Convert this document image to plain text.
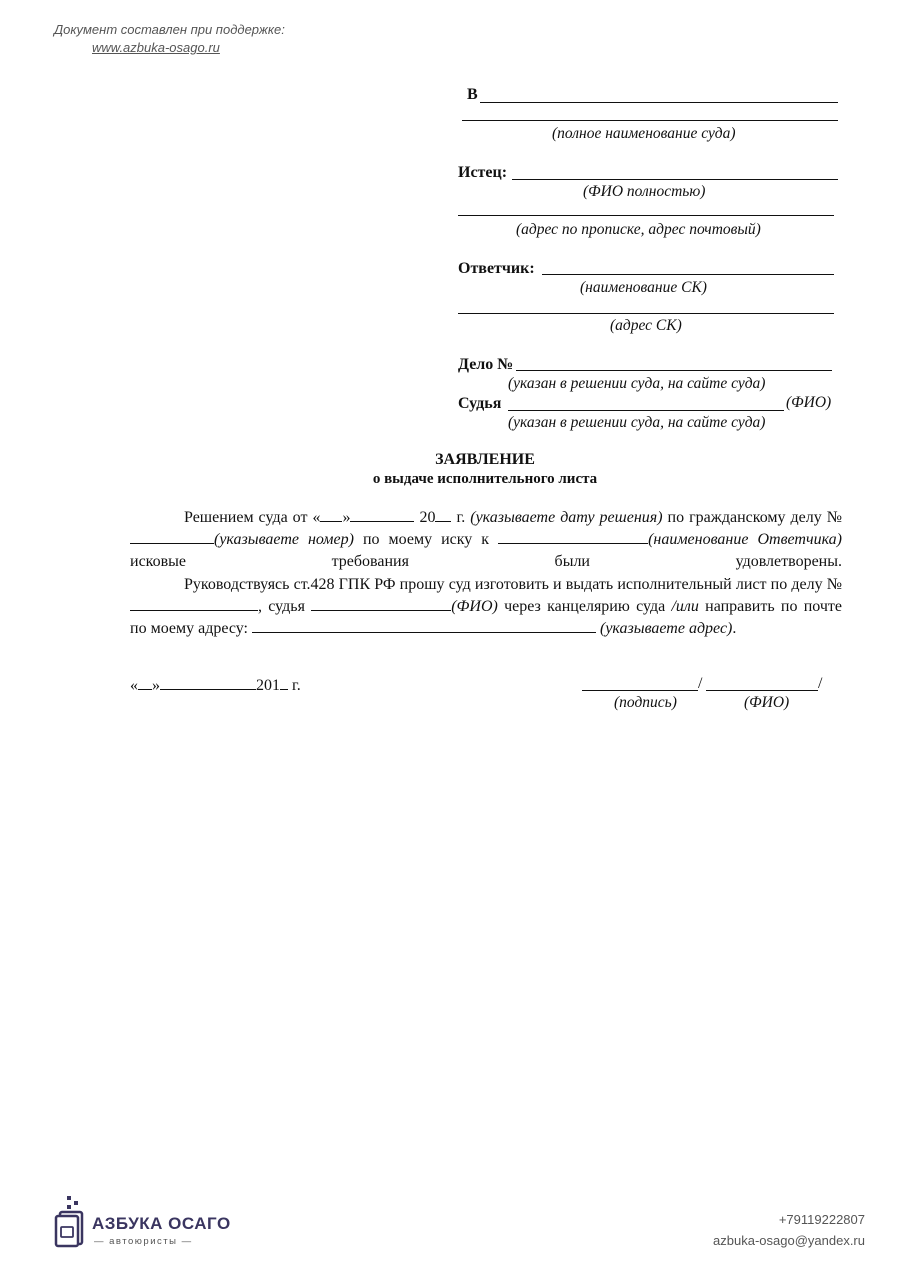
Документ составлен при поддержке:
www.azbuka-osago.ru
В
(полное наименование суда)
Истец:
(ФИО полностью)
(адрес по прописке, адрес почтовый)
Ответчик:
(наименование СК)
(адрес СК)
Дело №
(указан в решении суда, на сайте суда)
Судья	(ФИО)
(указан в решении суда, на сайте суда)
ЗАЯВЛЕНИЕ
о выдаче исполнительного листа

Решением суда от « »	20 г. (указываете дату решения) по гражданскому делу №(указываете номер) по моему иску к	(наименование Ответчика) исковые требования были удовлетворены.

Руководствуясь ст.428 ГПК РФ прошу суд изготовить и выдать исполнительный лист по делу №, судья	(ФИО) через канцелярию суда /или направить по почте по моему адресу:	(указываете адрес).

« »	201 г.	/	/
(подпись)	(ФИО)
АЗБУКА ОСАГО
— автоюристы —
+79119222807
azbuka-osago@yandex.ru
